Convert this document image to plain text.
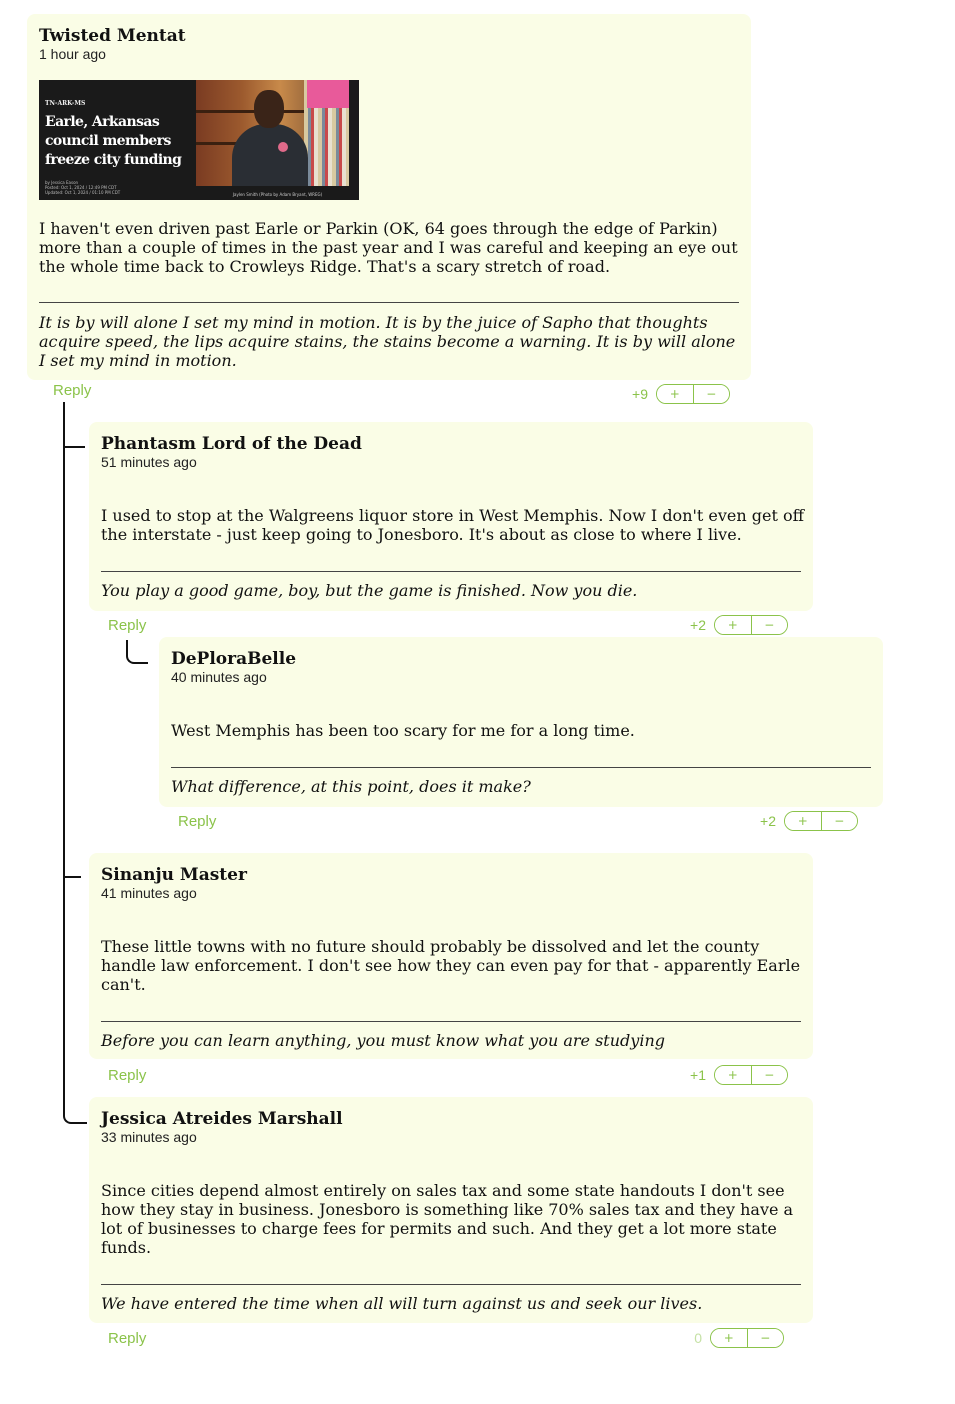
Twisted Mentat
1 hour ago
TN-ARK-MS
Earle, Arkansas council members freeze city funding
by Jessica Eason
Posted: Oct 1, 2024 / 12:49 PM CDT
Updated: Oct 1, 2024 / 01:10 PM CDT	Jaylen Smith (Photo by Adam Bryant, WREG)
I haven't even driven past Earle or Parkin (OK, 64 goes through the edge of Parkin) more than a couple of times in the past year and I was careful and keeping an eye out the whole time back to Crowleys Ridge. That's a scary stretch of road.
It is by will alone I set my mind in motion. It is by the juice of Sapho that thoughts acquire speed, the lips acquire stains, the stains become a warning. It is by will alone I set my mind in motion.
Reply	+9	+	−
Phantasm Lord of the Dead
51 minutes ago
I used to stop at the Walgreens liquor store in West Memphis. Now I don't even get off the interstate - just keep going to Jonesboro. It's about as close to where I live.
You play a good game, boy, but the game is finished. Now you die.
Reply	+2	+	−
DePloraBelle
40 minutes ago
West Memphis has been too scary for me for a long time.
What difference, at this point, does it make?
Reply	+2	+	−
Sinanju Master
41 minutes ago
These little towns with no future should probably be dissolved and let the county handle law enforcement. I don't see how they can even pay for that - apparently Earle can't.
Before you can learn anything, you must know what you are studying
Reply	+1	+	−
Jessica Atreides Marshall
33 minutes ago
Since cities depend almost entirely on sales tax and some state handouts I don't see how they stay in business. Jonesboro is something like 70% sales tax and they have a lot of businesses to charge fees for permits and such. And they get a lot more state funds.
We have entered the time when all will turn against us and seek our lives.
Reply	0	+	−
